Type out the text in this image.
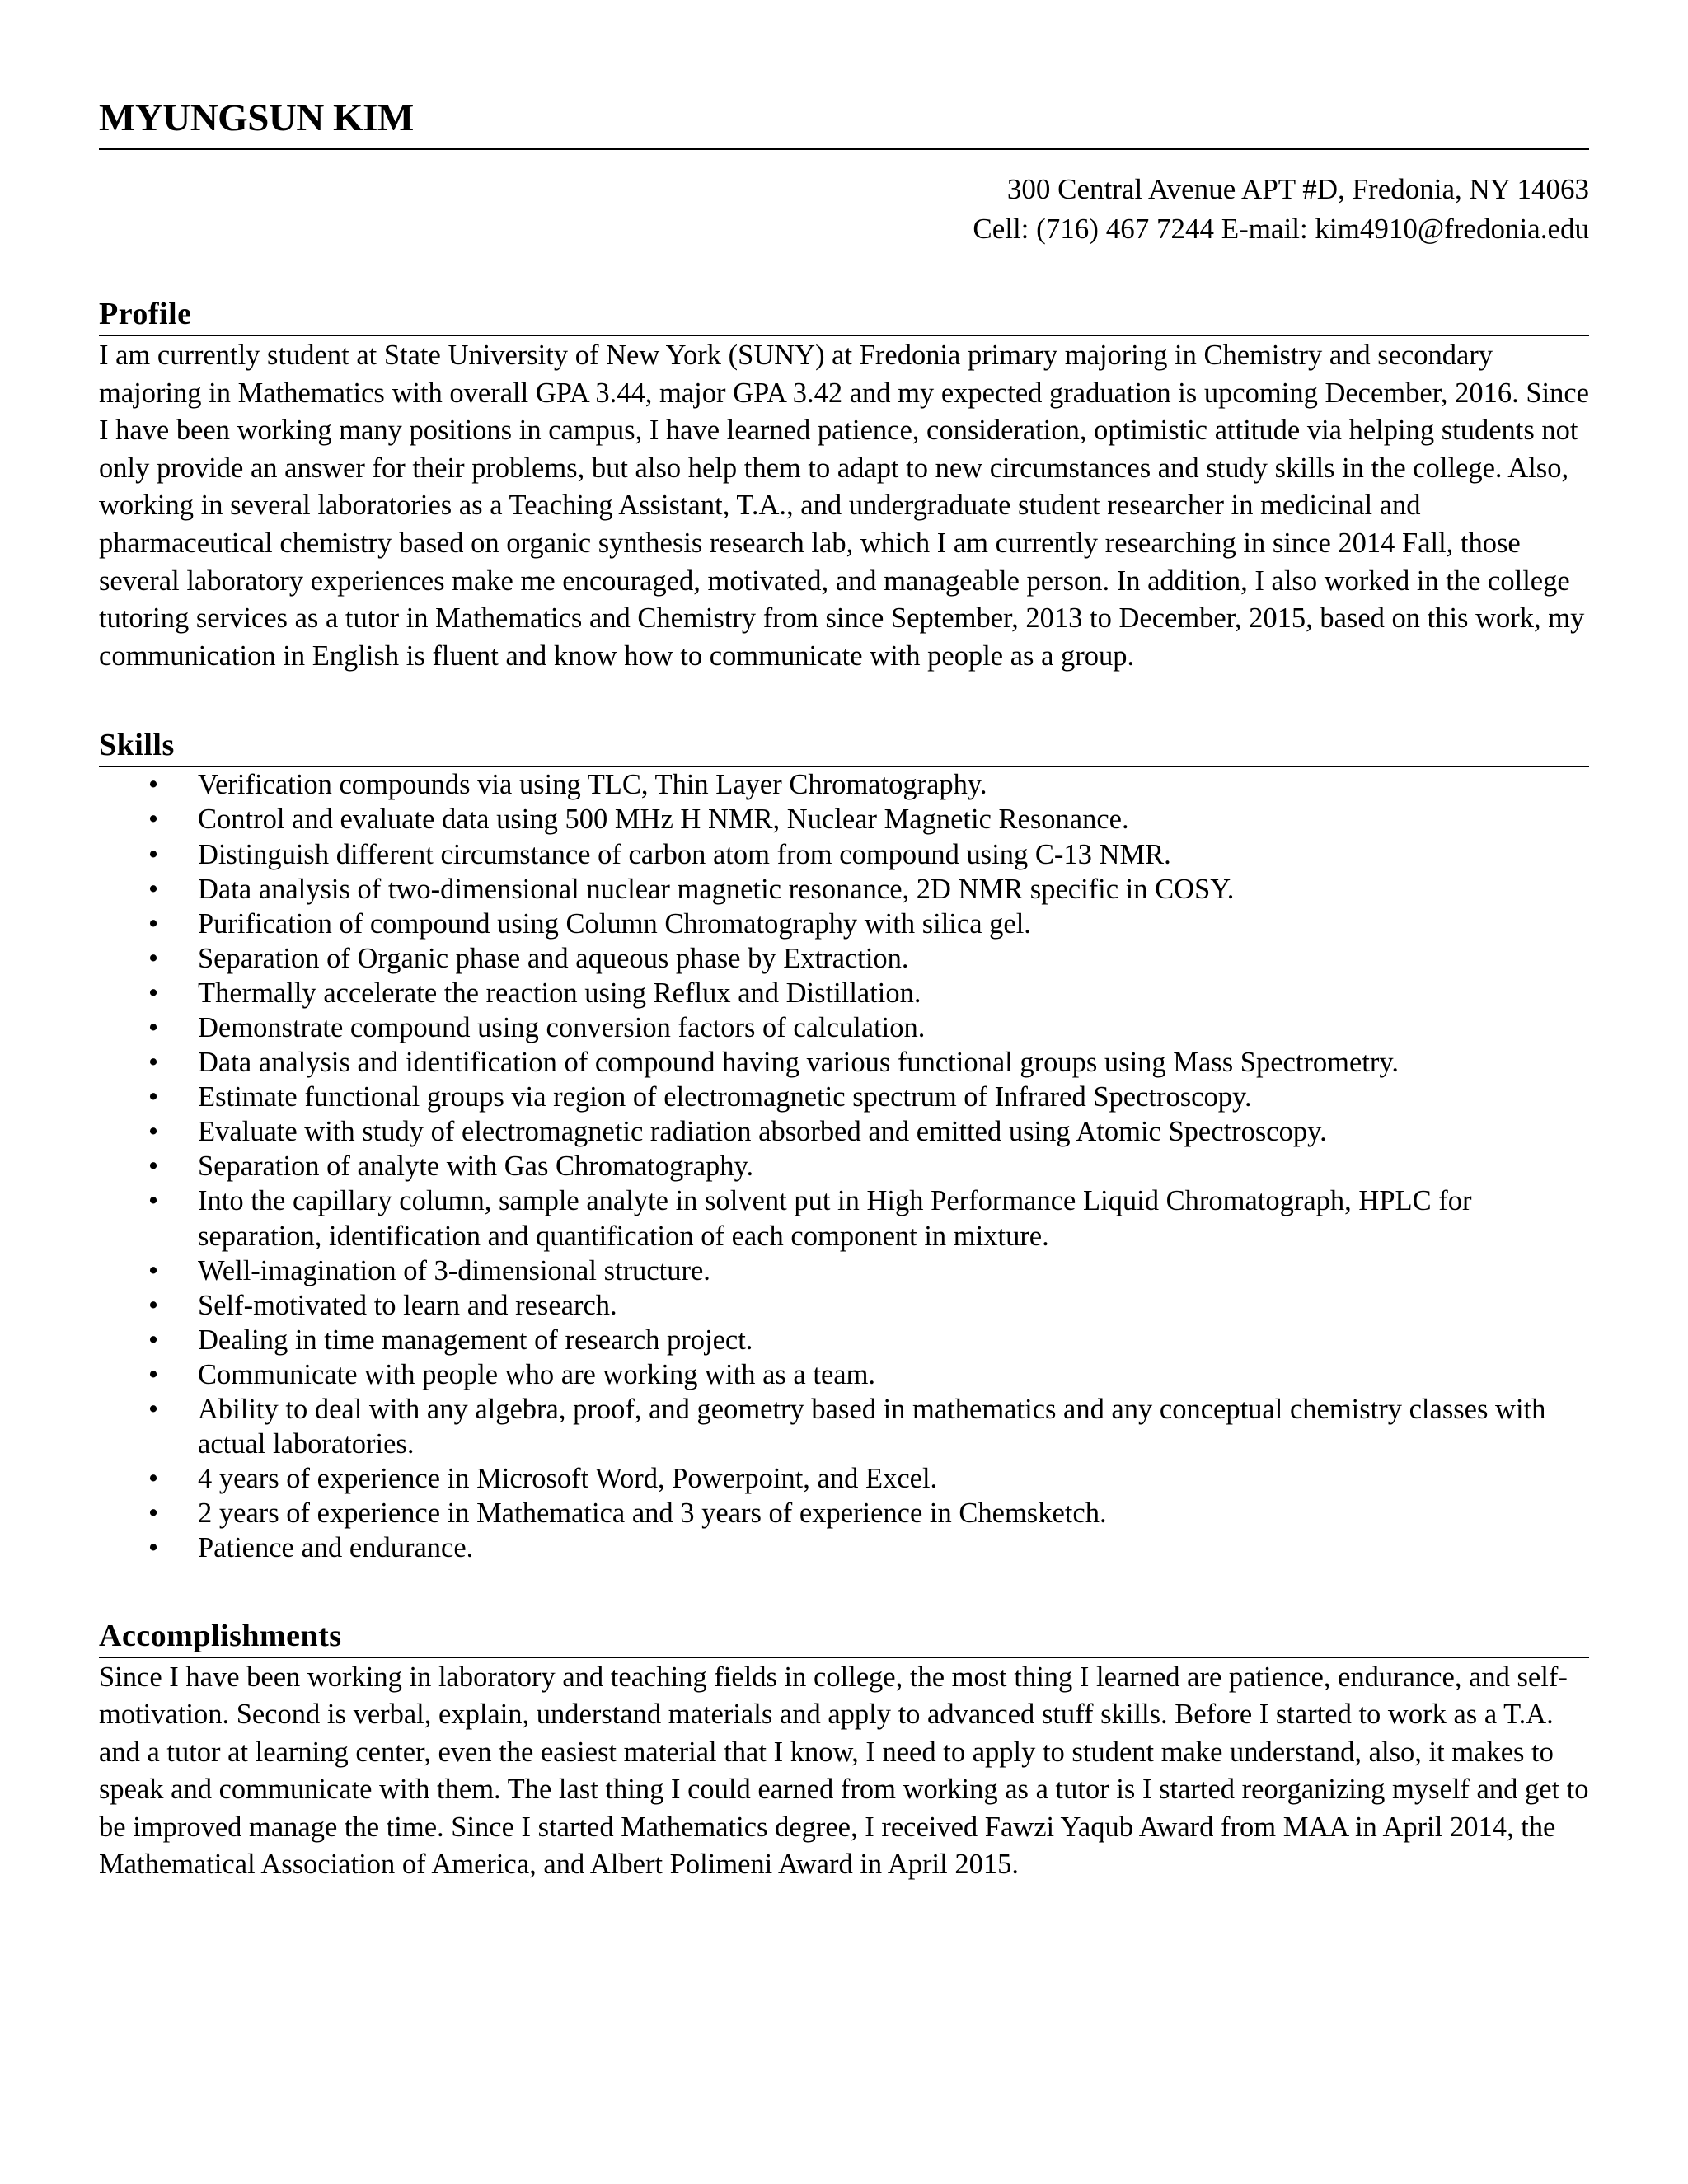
MYUNGSUN KIM
300 Central Avenue APT #D, Fredonia, NY 14063
Cell: (716) 467 7244 E-mail: kim4910@fredonia.edu
Profile

I am currently student at State University of New York (SUNY) at Fredonia primary majoring in Chemistry and secondary majoring in Mathematics with overall GPA 3.44, major GPA 3.42 and my expected graduation is upcoming December, 2016. Since I have been working many positions in campus, I have learned patience, consideration, optimistic attitude via helping students not only provide an answer for their problems, but also help them to adapt to new circumstances and study skills in the college. Also, working in several laboratories as a Teaching Assistant, T.A., and undergraduate student researcher in medicinal and pharmaceutical chemistry based on organic synthesis research lab, which I am currently researching in since 2014 Fall, those several laboratory experiences make me encouraged, motivated, and manageable person. In addition, I also worked in the college tutoring services as a tutor in Mathematics and Chemistry from since September, 2013 to December, 2015, based on this work, my communication in English is fluent and know how to communicate with people as a group.

Skills
• Verification compounds via using TLC, Thin Layer Chromatography.
• Control and evaluate data using 500 MHz H NMR, Nuclear Magnetic Resonance.
• Distinguish different circumstance of carbon atom from compound using C-13 NMR.
• Data analysis of two-dimensional nuclear magnetic resonance, 2D NMR specific in COSY.
• Purification of compound using Column Chromatography with silica gel.
• Separation of Organic phase and aqueous phase by Extraction.
• Thermally accelerate the reaction using Reflux and Distillation.
• Demonstrate compound using conversion factors of calculation.
• Data analysis and identification of compound having various functional groups using Mass Spectrometry.
• Estimate functional groups via region of electromagnetic spectrum of Infrared Spectroscopy.
• Evaluate with study of electromagnetic radiation absorbed and emitted using Atomic Spectroscopy.
• Separation of analyte with Gas Chromatography.
• Into the capillary column, sample analyte in solvent put in High Performance Liquid Chromatograph, HPLC for separation, identification and quantification of each component in mixture.
• Well-imagination of 3-dimensional structure.
• Self-motivated to learn and research.
• Dealing in time management of research project.
• Communicate with people who are working with as a team.
• Ability to deal with any algebra, proof, and geometry based in mathematics and any conceptual chemistry classes with actual laboratories.
• 4 years of experience in Microsoft Word, Powerpoint, and Excel.
• 2 years of experience in Mathematica and 3 years of experience in Chemsketch.
• Patience and endurance.
Accomplishments

Since I have been working in laboratory and teaching fields in college, the most thing I learned are patience, endurance, and self-motivation. Second is verbal, explain, understand materials and apply to advanced stuff skills. Before I started to work as a T.A. and a tutor at learning center, even the easiest material that I know, I need to apply to student make understand, also, it makes to speak and communicate with them. The last thing I could earned from working as a tutor is I started reorganizing myself and get to be improved manage the time. Since I started Mathematics degree, I received Fawzi Yaqub Award from MAA in April 2014, the Mathematical Association of America, and Albert Polimeni Award in April 2015.
